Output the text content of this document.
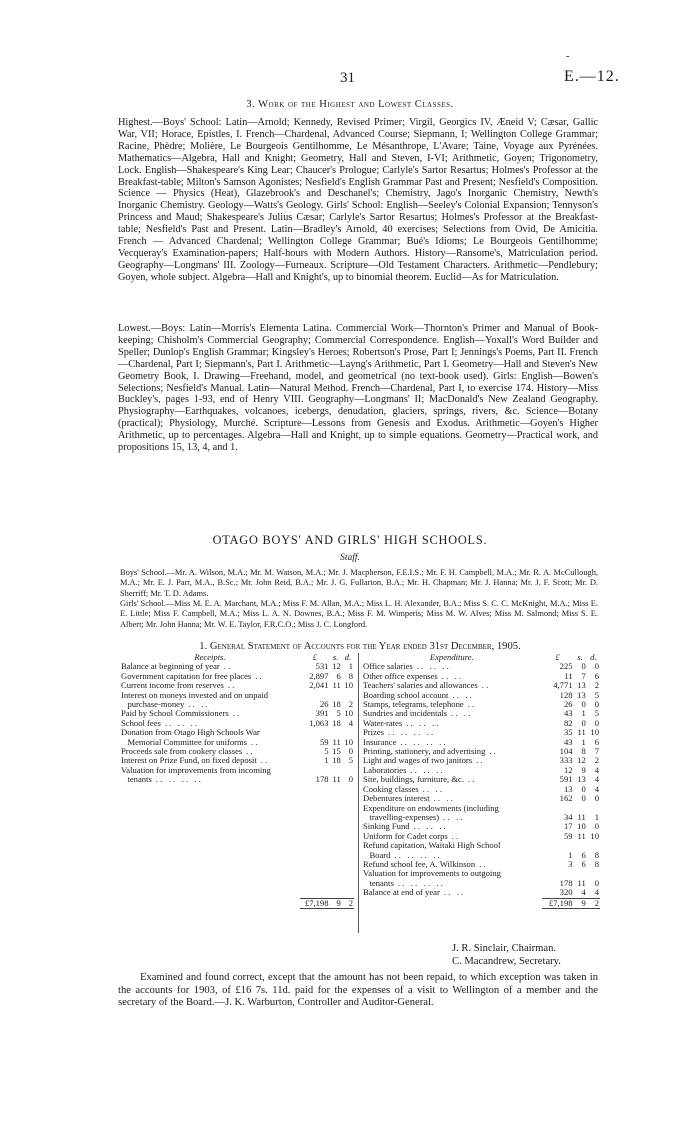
-
31	E.—12.
3. Work of the Highest and Lowest Classes.
Highest.—Boys' School: Latin—Arnold; Kennedy, Revised Primer; Virgil, Georgics IV, Æneid V; Cæsar, Gallic War, VII; Horace, Epistles, I. French—Chardenal, Advanced Course; Siepmann, I; Wellington College Grammar; Racine, Phèdre; Molière, Le Bourgeois Gentilhomme, Le Mésanthrope, L'Avare; Taine, Voyage aux Pyrénées. Mathematics—Algebra, Hall and Knight; Geometry, Hall and Steven, I-VI; Arithmetic, Goyen; Trigonometry, Lock. English—Shakespeare's King Lear; Chaucer's Prologue; Carlyle's Sartor Resartus; Holmes's Professor at the Breakfast-table; Milton's Samson Agonistes; Nesfield's English Grammar Past and Present; Nesfield's Composition. Science — Physics (Heat), Glazebrook's and Deschanel's; Chemistry, Jago's Inorganic Chemistry, Newth's Inorganic Chemistry. Geology—Watts's Geology. Girls' School: English—Seeley's Colonial Expansion; Tennyson's Princess and Maud; Shakespeare's Julius Cæsar; Carlyle's Sartor Resartus; Holmes's Professor at the Breakfast-table; Nesfield's Past and Present. Latin—Bradley's Arnold, 40 exercises; Selections from Ovid, De Amicitia. French — Advanced Chardenal; Wellington College Grammar; Bué's Idioms; Le Bourgeois Gentilhomme; Vecqueray's Examination-papers; Half-hours with Modern Authors. History—Ransome's, Matriculation period. Geography—Longmans' III. Zoology—Furneaux. Scripture—Old Testament Characters. Arithmetic—Pendlebury; Goyen, whole subject. Algebra—Hall and Knight's, up to binomial theorem. Euclid—As for Matriculation.
Lowest.—Boys: Latin—Morris's Elementa Latina. Commercial Work—Thornton's Primer and Manual of Book-keeping; Chisholm's Commercial Geography; Commercial Correspondence. English—Yoxall's Word Builder and Speller; Dunlop's English Grammar; Kingsley's Heroes; Robertson's Prose, Part I; Jennings's Poems, Part II. French—Chardenal, Part I; Siepmann's, Part I. Arithmetic—Layng's Arithmetic, Part I. Geometry—Hall and Steven's New Geometry Book, I. Drawing—Freehand, model, and geometrical (no text-book used). Girls: English—Bowen's Selections; Nesfield's Manual. Latin—Natural Method. French—Chardenal, Part I, to exercise 174. History—Miss Buckley's, pages 1-93, end of Henry VIII. Geography—Longmans' II; MacDonald's New Zealand Geography. Physiography—Earthquakes, volcanoes, icebergs, denudation, glaciers, springs, rivers, &c. Science—Botany (practical); Physiology, Murché. Scripture—Lessons from Genesis and Exodus. Arithmetic—Goyen's Higher Arithmetic, up to percentages. Algebra—Hall and Knight, up to simple equations. Geometry—Practical work, and propositions 15, 13, 4, and 1.
OTAGO BOYS' AND GIRLS' HIGH SCHOOLS.
Staff.
Boys' School.—Mr. A. Wilson, M.A.; Mr. M. Watson, M.A.; Mr. J. Macpherson, F.E.I.S.; Mr. F. H. Campbell, M.A.; Mr. R. A. McCullough, M.A.; Mr. E. J. Parr, M.A., B.Sc.; Mr. John Reid, B.A.; Mr. J. G. Fullarton, B.A.; Mr. H. Chapman; Mr. J. Hanna; Mr. J. F. Scott; Mr. D. Sherriff; Mr. T. D. Adams.
Girls' School.—Miss M. E. A. Marchant, M.A.; Miss F. M. Allan, M.A.; Miss L. H. Alexander, B.A.; Miss S. C. C. McKnight, M.A.; Miss E. E. Little; Miss F. Campbell, M.A.; Miss L. A. N. Downes, B.A.; Miss F. M. Wimperis; Miss M. W. Alves; Miss M. Salmond; Miss S. E. Albert; Mr. John Hanna; Mr. W. E. Taylor, F.R.C.O.; Miss J. C. Longford.
1. General Statement of Accounts for the Year ended 31st December, 1905.
Receipts.	£	s.	d.
Balance at beginning of year . .	531	12	1
Government capitation for free places . .	2,897	6	8
Current income from reserves . .	2,041	11	10
Interest on moneys invested and on unpaid			
purchase-money . .   . .	26	18	2
Paid by School Commissioners . .	391	5	10
School fees . .   . .   . .	1,063	18	4
Donation from Otago High Schools War			
Memorial Committee for uniforms . .	59	11	10
Proceeds sale from cookery classes . .	5	15	0
Interest on Prize Fund, on fixed deposit . .	1	18	5
Valuation for improvements from incoming			
tenants . .   . .   . .   . .	178	11	0

	£7,198	9	2
Expenditure.	£	s.	d.
Office salaries . .   . .   . .	225	0	0
Other office expenses . .   . .	11	7	6
Teachers' salaries and allowances . .	4,771	13	2
Boarding school account . .   . .	128	13	5
Stamps, telegrams, telephone . .	26	0	0
Sundries and incidentals . .   . .	43	1	5
Water-rates . .   . .   . .	82	0	0
Prizes . .   . .   . .   . .	35	11	10
Insurance . .   . .   . .   . .	43	1	6
Printing, stationery, and advertising . .	104	8	7
Light and wages of two janitors . .	333	12	2
Laboratories . .   . .   . .	12	9	4
Site, buildings, furniture, &c. . .	591	13	4
Cooking classes . .   . .	13	0	4
Debentures interest . .   . .	162	0	0
Expenditure on endowments (including			
travelling-expenses) . .   . .	34	11	1
Sinking Fund . .   . .   . .	17	10	0
Uniform for Cadet corps . .	59	11	10
Refund capitation, Waitaki High School			
Board . .   . .   . .   . .	1	6	8
Refund school fee, A. Wilkinson . .	3	6	8
Valuation for improvements to outgoing			
tenants . .   . .   . .   . .	178	11	0
Balance at end of year . .   . .	320	4	4
	£7,198	9	2
J. R. Sinclair, Chairman.
C. Macandrew, Secretary.
Examined and found correct, except that the amount has not been repaid, to which exception was taken in the accounts for 1903, of £16 7s. 11d. paid for the expenses of a visit to Wellington of a member and the secretary of the Board.—J. K. Warburton, Controller and Auditor-General.
